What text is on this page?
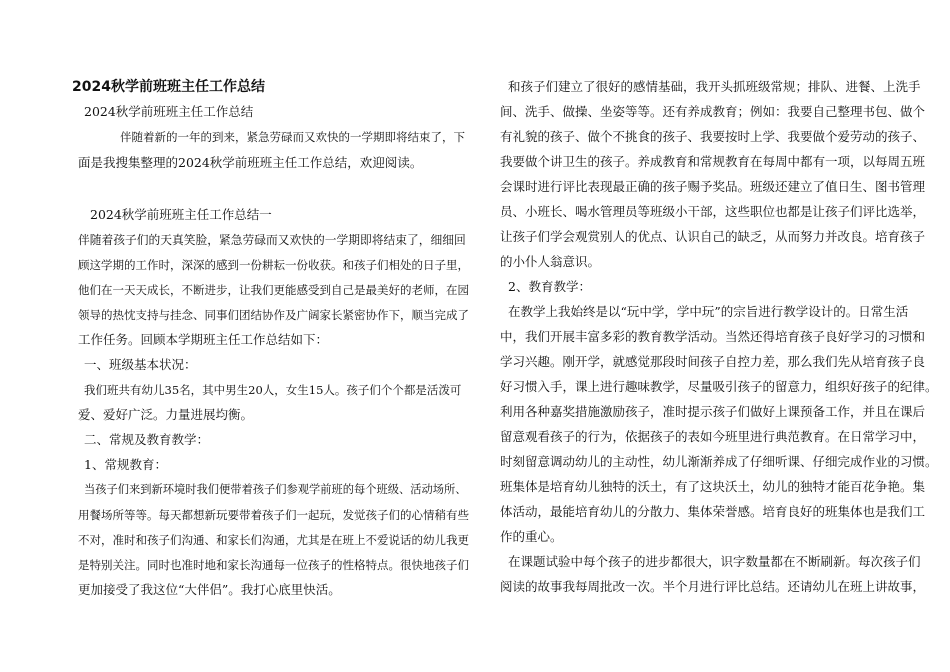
2024秋学前班班主任工作总结

2024秋学前班班主任工作总结

伴随着新的一年的到来，紧急劳碌而又欢快的一学期即将结束了，下

面是我搜集整理的2024秋学前班班主任工作总结，欢迎阅读。

2024秋学前班班主任工作总结一

伴随着孩子们的天真笑脸，紧急劳碌而又欢快的一学期即将结束了，细细回

顾这学期的工作时，深深的感到一份耕耘一份收获。和孩子们相处的日子里，

他们在一天天成长，不断进步，让我们更能感受到自己是最美好的老师，在园

领导的热忱支持与挂念、同事们团结协作及广阔家长紧密协作下，顺当完成了

工作任务。回顾本学期班主任工作总结如下：

一、班级基本状况：

我们班共有幼儿35名，其中男生20人，女生15人。孩子们个个都是活泼可

爱、爱好广泛。力量进展均衡。

二、常规及教育教学：

1、常规教育：

当孩子们来到新环境时我们便带着孩子们参观学前班的每个班级、活动场所、

用餐场所等等。每天都想新玩要带着孩子们一起玩，发觉孩子们的心情稍有些

不对，准时和孩子们沟通、和家长们沟通，尤其是在班上不爱说话的幼儿我更

是特别关注。同时也准时地和家长沟通每一位孩子的性格特点。很快地孩子们

更加接受了我这位“大伴侣”。我打心底里快活。

和孩子们建立了很好的感情基础，我开头抓班级常规；排队、进餐、上洗手

间、洗手、做操、坐姿等等。还有养成教育；例如：我要自己整理书包、做个

有礼貌的孩子、做个不挑食的孩子、我要按时上学、我要做个爱劳动的孩子、

我要做个讲卫生的孩子。养成教育和常规教育在每周中都有一项，以每周五班

会课时进行评比表现最正确的孩子赐予奖品。班级还建立了值日生、图书管理

员、小班长、喝水管理员等班级小干部，这些职位也都是让孩子们评比选举，

让孩子们学会观赏别人的优点、认识自己的缺乏，从而努力并改良。培育孩子

的小仆人翁意识。

2、教育教学：

在教学上我始终是以“玩中学，学中玩”的宗旨进行教学设计的。日常生活

中，我们开展丰富多彩的教育教学活动。当然还得培育孩子良好学习的习惯和

学习兴趣。刚开学，就感觉那段时间孩子自控力差，那么我们先从培育孩子良

好习惯入手，课上进行趣味教学，尽量吸引孩子的留意力，组织好孩子的纪律。

利用各种嘉奖措施激励孩子，准时提示孩子们做好上课预备工作，并且在课后

留意观看孩子的行为，依据孩子的表如今班里进行典范教育。在日常学习中，

时刻留意调动幼儿的主动性，幼儿渐渐养成了仔细听课、仔细完成作业的习惯。

班集体是培育幼儿独特的沃土，有了这块沃土，幼儿的独特才能百花争艳。集

体活动，最能培育幼儿的分散力、集体荣誉感。培育良好的班集体也是我们工

作的重心。

在课题试验中每个孩子的进步都很大，识字数量都在不断刷新。每次孩子们

阅读的故事我每周批改一次。半个月进行评比总结。还请幼儿在班上讲故事，
